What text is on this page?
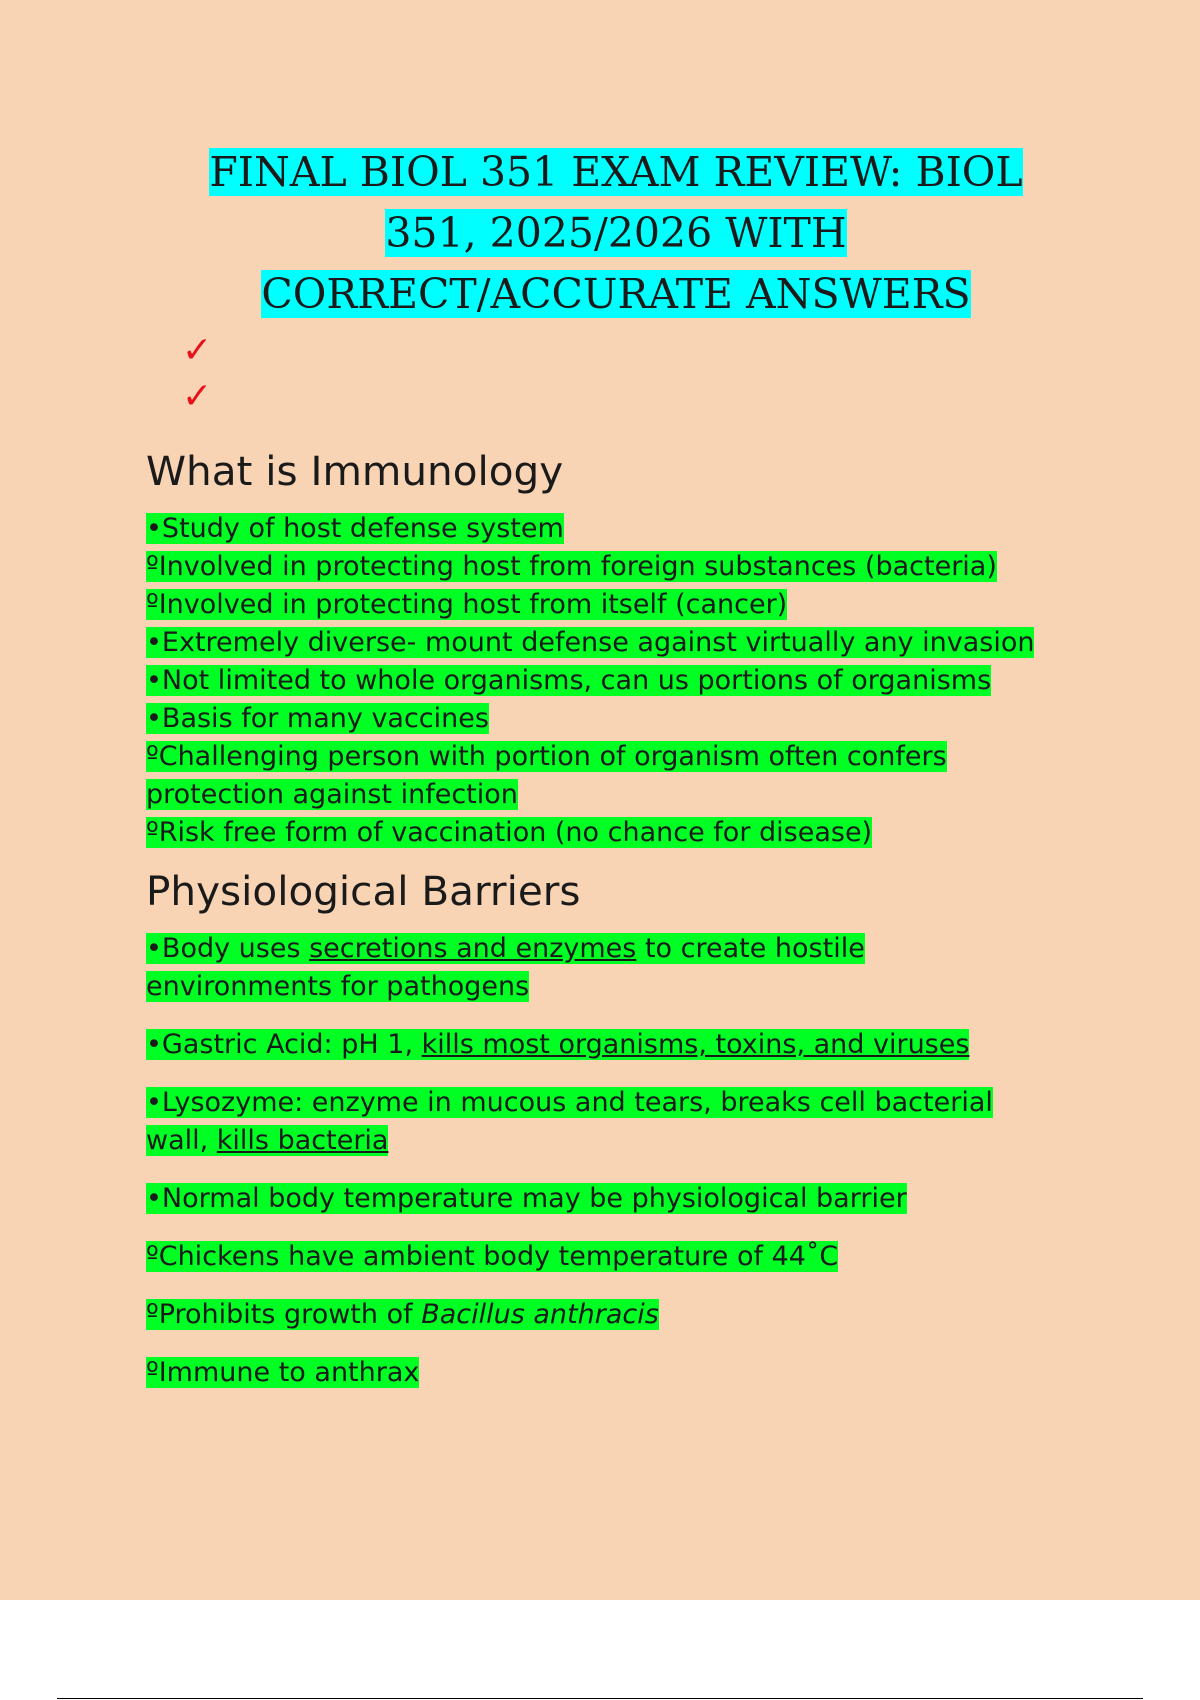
FINAL BIOL 351 EXAM REVIEW: BIOL
351, 2025/2026 WITH
CORRECT/ACCURATE ANSWERS
✓
✓
What is Immunology

•Study of host defense system

ºInvolved in protecting host from foreign substances (bacteria)

ºInvolved in protecting host from itself (cancer)

•Extremely diverse- mount defense against virtually any invasion

•Not limited to whole organisms, can us portions of organisms

•Basis for many vaccines

ºChallenging person with portion of organism often confers

protection against infection

ºRisk free form of vaccination (no chance for disease)

Physiological Barriers

•Body uses secretions and enzymes to create hostile

environments for pathogens

•Gastric Acid: pH 1, kills most organisms, toxins, and viruses

•Lysozyme: enzyme in mucous and tears, breaks cell bacterial

wall, kills bacteria

•Normal body temperature may be physiological barrier

ºChickens have ambient body temperature of 44˚C

ºProhibits growth of Bacillus anthracis

ºImmune to anthrax
